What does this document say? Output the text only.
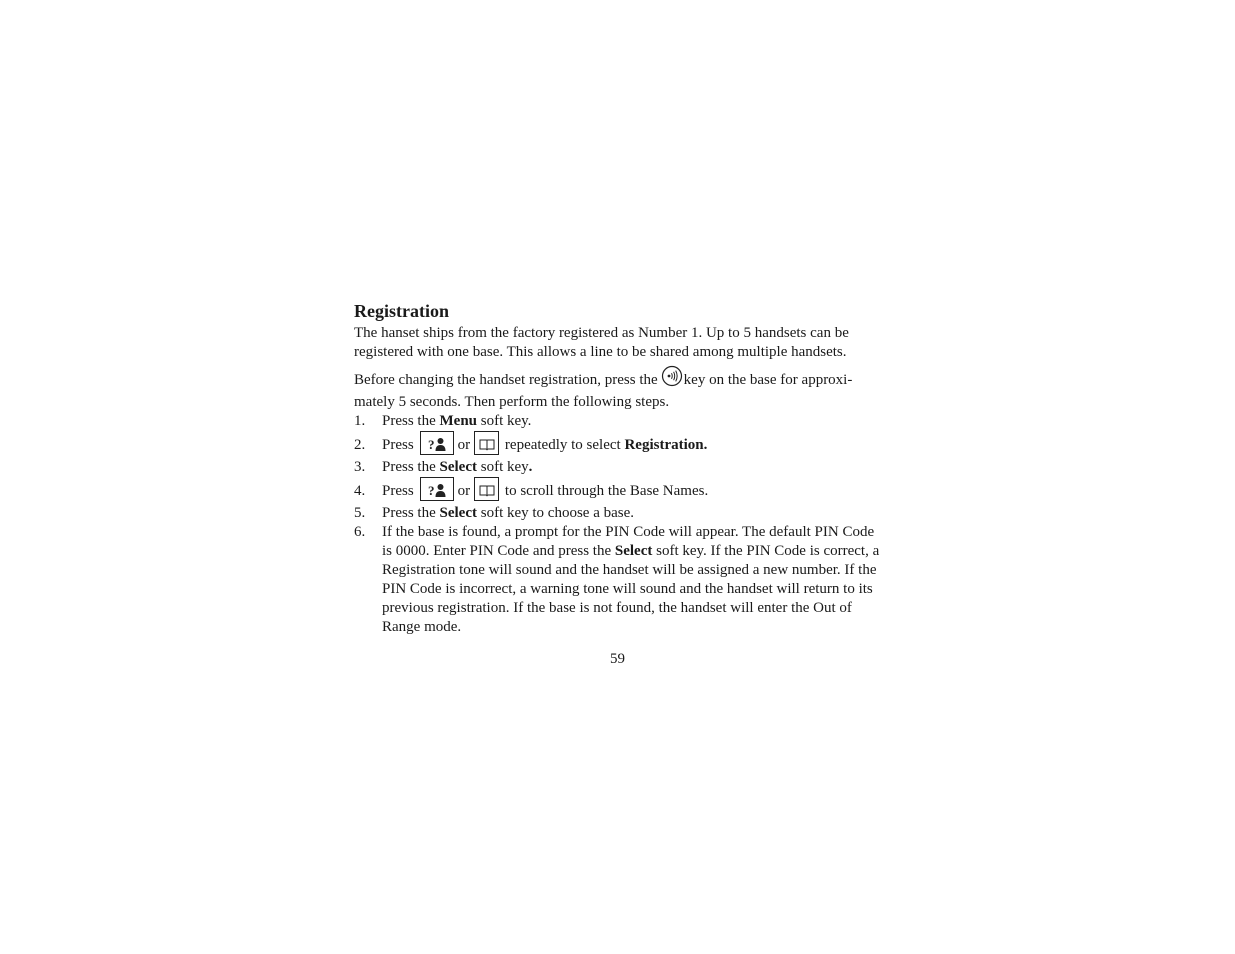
Registration

The hanset ships from the factory registered as Number 1. Up to 5 handsets can be registered with one base. This allows a line to be shared among multiple handsets.

Before changing the handset registration, press the key on the base for approxi-mately 5 seconds. Then perform the following steps.

1. Press the Menu soft key.
2. Press ? or repeatedly to select Registration.
3. Press the Select soft key.
4. Press ? or to scroll through the Base Names.
5. Press the Select soft key to choose a base.
6. If the base is found, a prompt for the PIN Code will appear. The default PIN Code is 0000. Enter PIN Code and press the Select soft key. If the PIN Code is correct, a Registration tone will sound and the handset will be assigned a new number. If the PIN Code is incorrect, a warning tone will sound and the handset will return to its previous registration. If the base is not found, the handset will enter the Out of Range mode.
59
